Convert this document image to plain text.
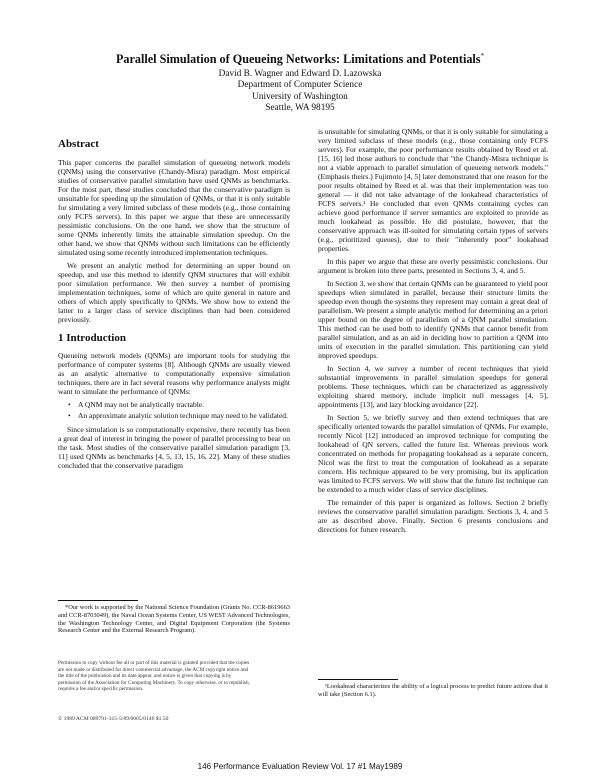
Parallel Simulation of Queueing Networks: Limitations and Potentials*
David B. Wagner and Edward D. Lazowska
Department of Computer Science
University of Washington
Seattle, WA 98195
Abstract

This paper concerns the parallel simulation of queueing network models (QNMs) using the conservative (Chandy-Misra) paradigm. Most empirical studies of conservative parallel simulation have used QNMs as benchmarks. For the most part, these studies concluded that the conservative paradigm is unsuitable for speeding up the simulation of QNMs, or that it is only suitable for simulating a very limited subclass of these models (e.g., those containing only FCFS servers). In this paper we argue that these are unnecessarily pessimistic conclusions. On the one hand, we show that the structure of some QNMs inherently limits the attainable simulation speedup. On the other hand, we show that QNMs without such limitations can be efficiently simulated using some recently introduced implementation techniques.

We present an analytic method for determining an upper bound on speedup, and use this method to identify QNM structures that will exhibit poor simulation performance. We then survey a number of promising implementation techniques, some of which are quite general in nature and others of which apply specifically to QNMs. We show how to extend the latter to a larger class of service disciplines than had been considered previously.

1 Introduction

Queueing network models (QNMs) are important tools for studying the performance of computer systems [8]. Although QNMs are usually viewed as an analytic alternative to computationally expensive simulation techniques, there are in fact several reasons why performance analysts might want to simulate the performance of QNMs:

• A QNM may not be analytically tractable.
• An approximate analytic solution technique may need to be validated.

Since simulation is so computationally expensive, there recently has been a great deal of interest in bringing the power of parallel processing to bear on the task. Most studies of the conservative parallel simulation paradigm [3, 11] used QNMs as benchmarks [4, 5, 13, 15, 16, 22]. Many of these studies concluded that the conservative paradigm

*Our work is supported by the National Science Foundation (Grants No. CCR-8619663 and CCR-8703049), the Naval Ocean Systems Center, US WEST Advanced Technologies, the Washington Technology Center, and Digital Equipment Corporation (the Systems Research Center and the External Research Program).

Permission to copy without fee all or part of this material is granted provided that the copies are not made or distributed for direct commercial advantage, the ACM copyright notice and the title of the publication and its date appear, and notice is given that copying is by permission of the Association for Computing Machinery. To copy otherwise, or to republish, requires a fee and/or specific permission.
© 1989 ACM 089791-315-5/89/0005/0146 $1.50

is unsuitable for simulating QNMs, or that it is only suitable for simulating a very limited subclass of these models (e.g., those containing only FCFS servers). For example, the poor performance results obtained by Reed et al. [15, 16] led those authors to conclude that "the Chandy-Misra technique is not a viable approach to parallel simulation of queueing network models." (Emphasis theirs.) Fujimoto [4, 5] later demonstrated that one reason for the poor results obtained by Reed et al. was that their implementation was too general — it did not take advantage of the lookahead characteristics of FCFS servers.¹ He concluded that even QNMs containing cycles can achieve good performance if server semantics are exploited to provide as much lookahead as possible. He did postulate, however, that the conservative approach was ill-suited for simulating certain types of servers (e.g., prioritized queues), due to their "inherently poor" lookahead properties.

In this paper we argue that these are overly pessimistic conclusions. Our argument is broken into three parts, presented in Sections 3, 4, and 5.

In Section 3, we show that certain QNMs can be guaranteed to yield poor speedups when simulated in parallel, because their structure limits the speedup even though the systems they represent may contain a great deal of parallelism. We present a simple analytic method for determining an a priori upper bound on the degree of parallelism of a QNM parallel simulation. This method can be used both to identify QNMs that cannot benefit from parallel simulation, and as an aid in deciding how to partition a QNM into units of execution in the parallel simulation. This partitioning can yield improved speedups.

In Section 4, we survey a number of recent techniques that yield substantial improvements in parallel simulation speedups for general problems. These techniques, which can be characterized as aggressively exploiting shared memory, include implicit null messages [4, 5], appointments [13], and lazy blocking avoidance [22].

In Section 5, we briefly survey and then extend techniques that are specifically oriented towards the parallel simulation of QNMs. For example, recently Nicol [12] introduced an improved technique for computing the lookahead of QN servers, called the future list. Whereas previous work concentrated on methods for propagating lookahead as a separate concern, Nicol was the first to treat the computation of lookahead as a separate concern. His technique appeared to be very promising, but its application was limited to FCFS servers. We will show that the future list technique can be extended to a much wider class of service disciplines.

The remainder of this paper is organized as follows. Section 2 briefly reviews the conservative parallel simulation paradigm. Sections 3, 4, and 5 are as described above. Finally, Section 6 presents conclusions and directions for future research.

¹Lookahead characterizes the ability of a logical process to predict future actions that it will take (Section 6.1).

146 Performance Evaluation Review Vol. 17 #1 May1989
